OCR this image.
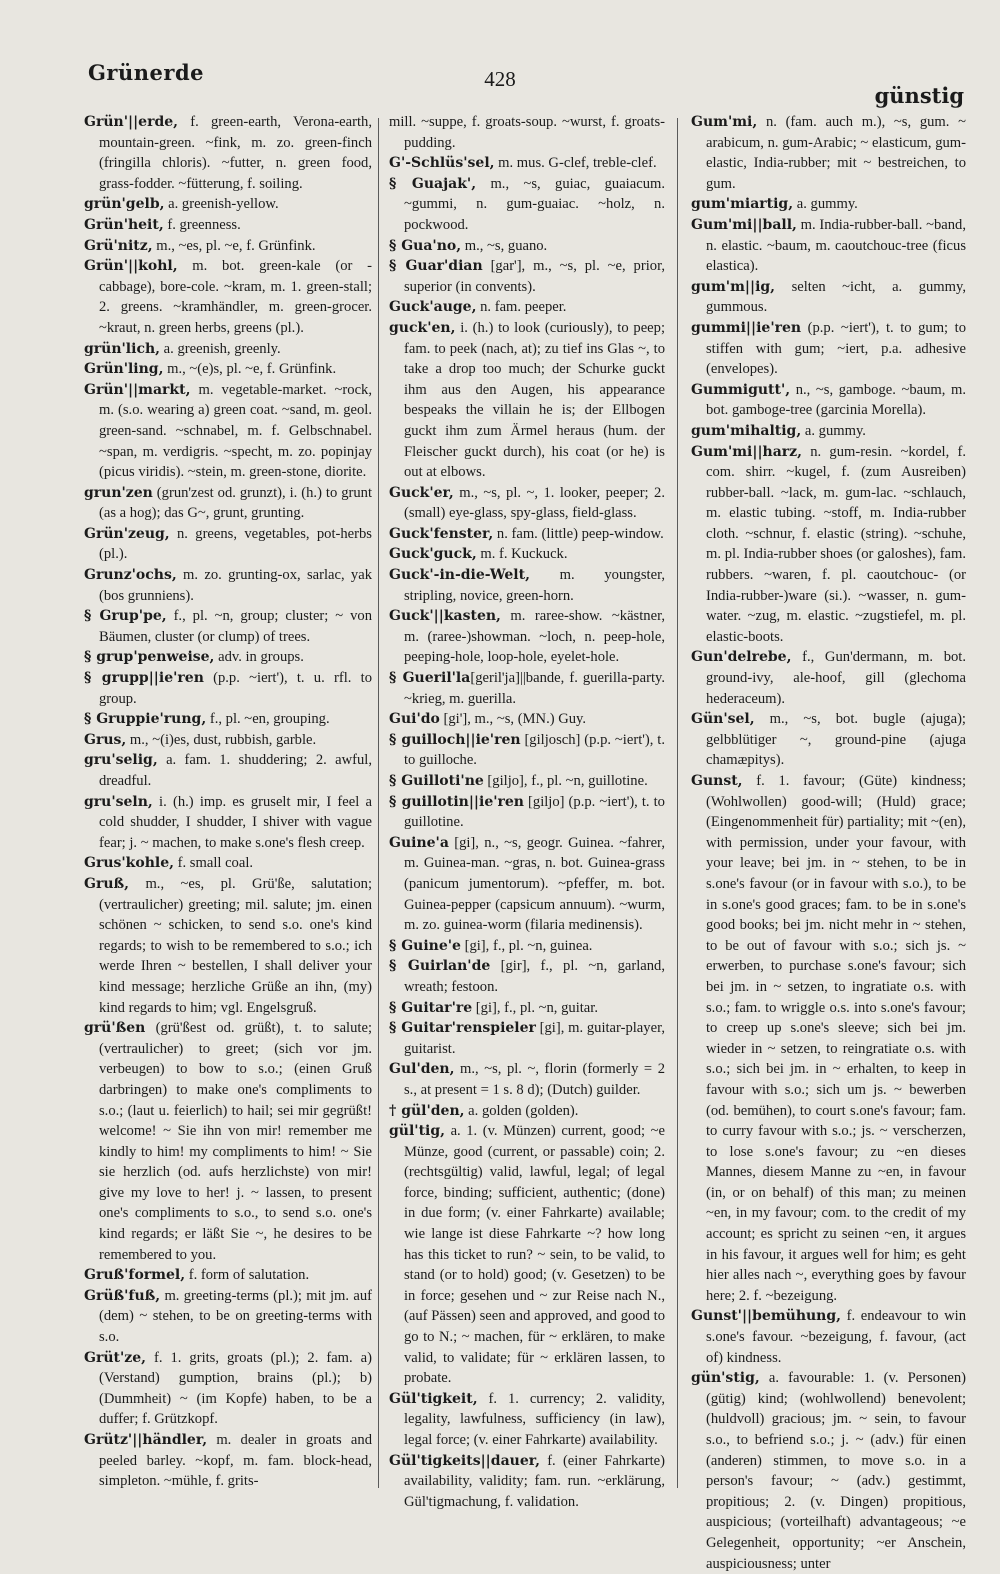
Grünerde	428
günstig

Grün'||erde, f. green-earth, Verona-earth, mountain-green. ~fink, m. zo. green-finch (fringilla chloris). ~futter, n. green food, grass-fodder. ~fütterung, f. soiling.

grün'gelb, a. greenish-yellow.

Grün'heit, f. greenness.

Grü'nitz, m., ~es, pl. ~e, f. Grünfink.

Grün'||kohl, m. bot. green-kale (or -cabbage), bore-cole. ~kram, m. 1. green-stall; 2. greens. ~kramhändler, m. green-grocer. ~kraut, n. green herbs, greens (pl.).

grün'lich, a. greenish, greenly.

Grün'ling, m., ~(e)s, pl. ~e, f. Grünfink.

Grün'||markt, m. vegetable-market. ~rock, m. (s.o. wearing a) green coat. ~sand, m. geol. green-sand. ~schnabel, m. f. Gelbschnabel. ~span, m. verdigris. ~specht, m. zo. popinjay (picus viridis). ~stein, m. green-stone, diorite.

grun'zen (grun'zest od. grunzt), i. (h.) to grunt (as a hog); das G~, grunt, grunting.

Grün'zeug, n. greens, vegetables, pot-herbs (pl.).

Grunz'ochs, m. zo. grunting-ox, sarlac, yak (bos grunniens).

§ Grup'pe, f., pl. ~n, group; cluster; ~ von Bäumen, cluster (or clump) of trees.

§ grup'penweise, adv. in groups.

§ grupp||ie'ren (p.p. ~iert'), t. u. rfl. to group.

§ Gruppie'rung, f., pl. ~en, grouping.

Grus, m., ~(i)es, dust, rubbish, garble.

gru'selig, a. fam. 1. shuddering; 2. awful, dreadful.

gru'seln, i. (h.) imp. es gruselt mir, I feel a cold shudder, I shudder, I shiver with vague fear; j. ~ machen, to make s.one's flesh creep.

Grus'kohle, f. small coal.

Gruß, m., ~es, pl. Grü'ße, salutation; (vertraulicher) greeting; mil. salute; jm. einen schönen ~ schicken, to send s.o. one's kind regards; to wish to be remembered to s.o.; ich werde Ihren ~ bestellen, I shall deliver your kind message; herzliche Grüße an ihn, (my) kind regards to him; vgl. Engelsgruß.

grü'ßen (grü'ßest od. grüßt), t. to salute; (vertraulicher) to greet; (sich vor jm. verbeugen) to bow to s.o.; (einen Gruß darbringen) to make one's compliments to s.o.; (laut u. feierlich) to hail; sei mir gegrüßt! welcome! ~ Sie ihn von mir! remember me kindly to him! my compliments to him! ~ Sie sie herzlich (od. aufs herzlichste) von mir! give my love to her! j. ~ lassen, to present one's compliments to s.o., to send s.o. one's kind regards; er läßt Sie ~, he desires to be remembered to you.

Gruß'formel, f. form of salutation.

Grüß'fuß, m. greeting-terms (pl.); mit jm. auf (dem) ~ stehen, to be on greeting-terms with s.o.

Grüt'ze, f. 1. grits, groats (pl.); 2. fam. a) (Verstand) gumption, brains (pl.); b) (Dummheit) ~ (im Kopfe) haben, to be a duffer; f. Grützkopf.

Grütz'||händler, m. dealer in groats and peeled barley. ~kopf, m. fam. block-head, simpleton. ~mühle, f. grits-

mill. ~suppe, f. groats-soup. ~wurst, f. groats-pudding.

G'-Schlüs'sel, m. mus. G-clef, treble-clef.

§ Guajak', m., ~s, guiac, guaiacum. ~gummi, n. gum-guaiac. ~holz, n. pockwood.

§ Gua'no, m., ~s, guano.

§ Guar'dian [gar'], m., ~s, pl. ~e, prior, superior (in convents).

Guck'auge, n. fam. peeper.

guck'en, i. (h.) to look (curiously), to peep; fam. to peek (nach, at); zu tief ins Glas ~, to take a drop too much; der Schurke guckt ihm aus den Augen, his appearance bespeaks the villain he is; der Ellbogen guckt ihm zum Ärmel heraus (hum. der Fleischer guckt durch), his coat (or he) is out at elbows.

Guck'er, m., ~s, pl. ~, 1. looker, peeper; 2. (small) eye-glass, spy-glass, field-glass.

Guck'fenster, n. fam. (little) peep-window.

Guck'guck, m. f. Kuckuck.

Guck'-in-die-Welt, m. youngster, stripling, novice, green-horn.

Guck'||kasten, m. raree-show. ~kästner, m. (raree-)showman. ~loch, n. peep-hole, peeping-hole, loop-hole, eyelet-hole.

§ Gueril'la[geril'ja]||bande, f. guerilla-party. ~krieg, m. guerilla.

Gui'do [gi'], m., ~s, (MN.) Guy.

§ guilloch||ie'ren [giljosch] (p.p. ~iert'), t. to guilloche.

§ Guilloti'ne [giljo], f., pl. ~n, guillotine.

§ guillotin||ie'ren [giljo] (p.p. ~iert'), t. to guillotine.

Guine'a [gi], n., ~s, geogr. Guinea. ~fahrer, m. Guinea-man. ~gras, n. bot. Guinea-grass (panicum jumentorum). ~pfeffer, m. bot. Guinea-pepper (capsicum annuum). ~wurm, m. zo. guinea-worm (filaria medinensis).

§ Guine'e [gi], f., pl. ~n, guinea.

§ Guirlan'de [gir], f., pl. ~n, garland, wreath; festoon.

§ Guitar're [gi], f., pl. ~n, guitar.

§ Guitar'renspieler [gi], m. guitar-player, guitarist.

Gul'den, m., ~s, pl. ~, florin (formerly = 2 s., at present = 1 s. 8 d); (Dutch) guilder.

† gül'den, a. golden (golden).

gül'tig, a. 1. (v. Münzen) current, good; ~e Münze, good (current, or passable) coin; 2. (rechtsgültig) valid, lawful, legal; of legal force, binding; sufficient, authentic; (done) in due form; (v. einer Fahrkarte) available; wie lange ist diese Fahrkarte ~? how long has this ticket to run? ~ sein, to be valid, to stand (or to hold) good; (v. Gesetzen) to be in force; gesehen und ~ zur Reise nach N., (auf Pässen) seen and approved, and good to go to N.; ~ machen, für ~ erklären, to make valid, to validate; für ~ erklären lassen, to probate.

Gül'tigkeit, f. 1. currency; 2. validity, legality, lawfulness, sufficiency (in law), legal force; (v. einer Fahrkarte) availability.

Gül'tigkeits||dauer, f. (einer Fahrkarte) availability, validity; fam. run. ~erklärung, Gül'tigmachung, f. validation.

Gum'mi, n. (fam. auch m.), ~s, gum. ~ arabicum, n. gum-Arabic; ~ elasticum, gum-elastic, India-rubber; mit ~ bestreichen, to gum.

gum'miartig, a. gummy.

Gum'mi||ball, m. India-rubber-ball. ~band, n. elastic. ~baum, m. caoutchouc-tree (ficus elastica).

gum'm||ig, selten ~icht, a. gummy, gummous.

gummi||ie'ren (p.p. ~iert'), t. to gum; to stiffen with gum; ~iert, p.a. adhesive (envelopes).

Gummigutt', n., ~s, gamboge. ~baum, m. bot. gamboge-tree (garcinia Morella).

gum'mihaltig, a. gummy.

Gum'mi||harz, n. gum-resin. ~kordel, f. com. shirr. ~kugel, f. (zum Ausreiben) rubber-ball. ~lack, m. gum-lac. ~schlauch, m. elastic tubing. ~stoff, m. India-rubber cloth. ~schnur, f. elastic (string). ~schuhe, m. pl. India-rubber shoes (or galoshes), fam. rubbers. ~waren, f. pl. caoutchouc- (or India-rubber-)ware (si.). ~wasser, n. gum-water. ~zug, m. elastic. ~zugstiefel, m. pl. elastic-boots.

Gun'delrebe, f., Gun'dermann, m. bot. ground-ivy, ale-hoof, gill (glechoma hederaceum).

Gün'sel, m., ~s, bot. bugle (ajuga); gelbblütiger ~, ground-pine (ajuga chamæpitys).

Gunst, f. 1. favour; (Güte) kindness; (Wohlwollen) good-will; (Huld) grace; (Eingenommenheit für) partiality; mit ~(en), with permission, under your favour, with your leave; bei jm. in ~ stehen, to be in s.one's favour (or in favour with s.o.), to be in s.one's good graces; fam. to be in s.one's good books; bei jm. nicht mehr in ~ stehen, to be out of favour with s.o.; sich js. ~ erwerben, to purchase s.one's favour; sich bei jm. in ~ setzen, to ingratiate o.s. with s.o.; fam. to wriggle o.s. into s.one's favour; to creep up s.one's sleeve; sich bei jm. wieder in ~ setzen, to reingratiate o.s. with s.o.; sich bei jm. in ~ erhalten, to keep in favour with s.o.; sich um js. ~ bewerben (od. bemühen), to court s.one's favour; fam. to curry favour with s.o.; js. ~ verscherzen, to lose s.one's favour; zu ~en dieses Mannes, diesem Manne zu ~en, in favour (in, or on behalf) of this man; zu meinen ~en, in my favour; com. to the credit of my account; es spricht zu seinen ~en, it argues in his favour, it argues well for him; es geht hier alles nach ~, everything goes by favour here; 2. f. ~bezeigung.

Gunst'||bemühung, f. endeavour to win s.one's favour. ~bezeigung, f. favour, (act of) kindness.

gün'stig, a. favourable: 1. (v. Personen) (gütig) kind; (wohlwollend) benevolent; (huldvoll) gracious; jm. ~ sein, to favour s.o., to befriend s.o.; j. ~ (adv.) für einen (anderen) stimmen, to move s.o. in a person's favour; ~ (adv.) gestimmt, propitious; 2. (v. Dingen) propitious, auspicious; (vorteilhaft) advantageous; ~e Gelegenheit, opportunity; ~er Anschein, auspiciousness; unter
